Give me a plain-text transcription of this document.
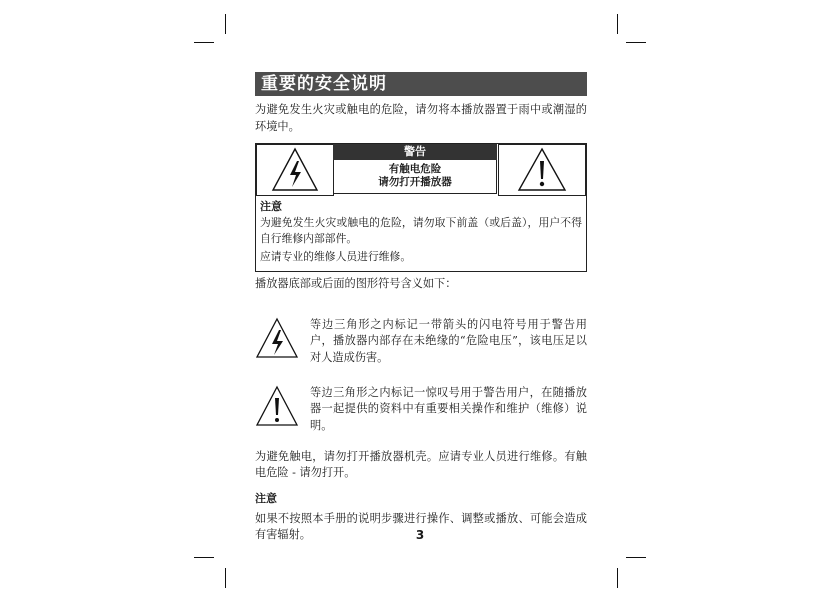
重要的安全说明

为避免发生火灾或触电的危险，请勿将本播放器置于雨中或潮湿的环境中。

警告
有触电危险
请勿打开播放器
注意

为避免发生火灾或触电的危险，请勿取下前盖（或后盖），用户不得自行维修内部部件。

应请专业的维修人员进行维修。

播放器底部或后面的图形符号含义如下：

等边三角形之内标记一带箭头的闪电符号用于警告用户，播放器内部存在未绝缘的“危险电压”，该电压足以对人造成伤害。

等边三角形之内标记一惊叹号用于警告用户，在随播放器一起提供的资料中有重要相关操作和维护（维修）说明。

为避免触电，请勿打开播放器机壳。应请专业人员进行维修。有触电危险 - 请勿打开。

注意

如果不按照本手册的说明步骤进行操作、调整或播放、可能会造成有害辐射。	3
